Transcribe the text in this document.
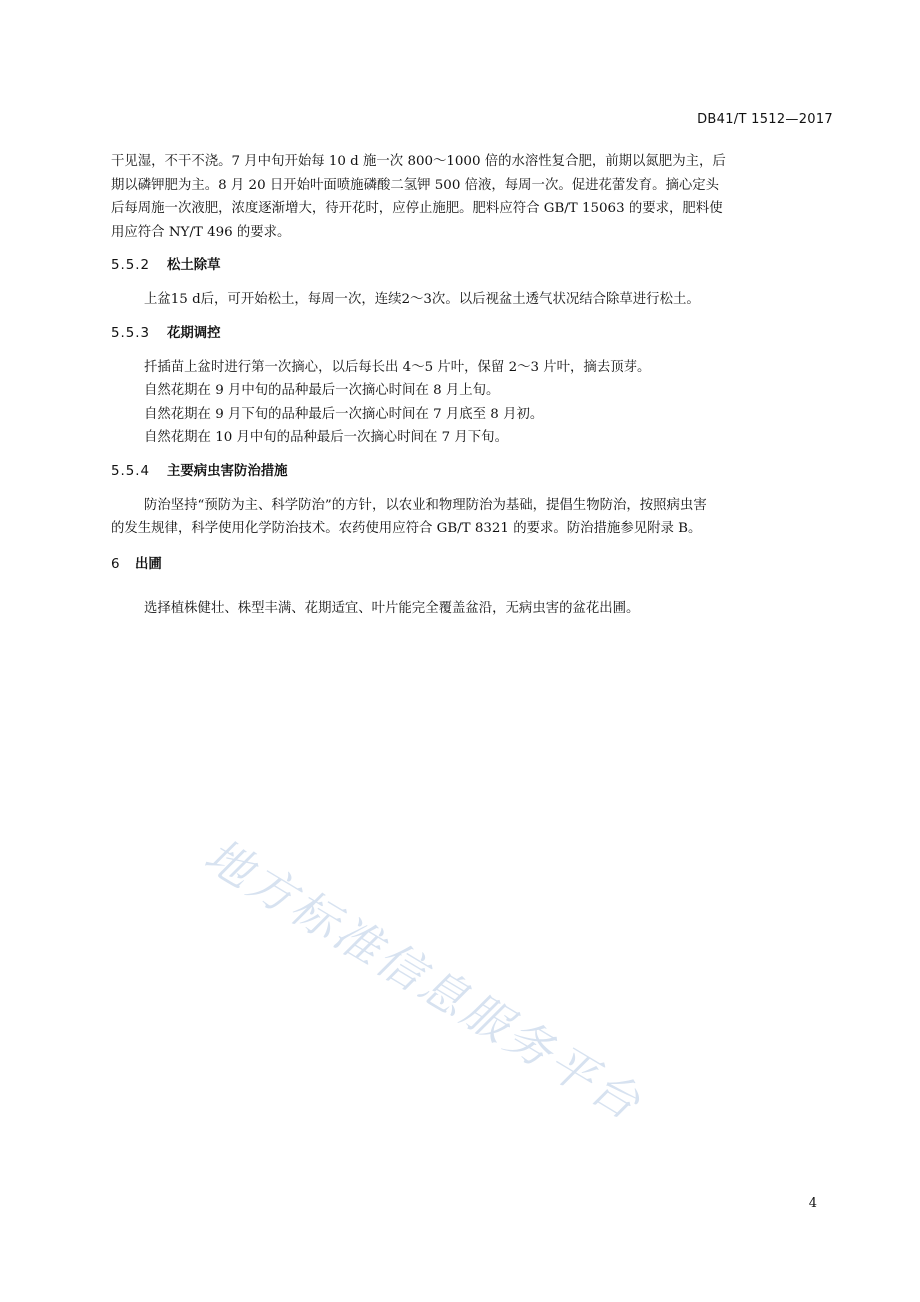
DB41/T 1512—2017

干见湿，不干不浇。7 月中旬开始每 10 d 施一次 800～1000 倍的水溶性复合肥，前期以氮肥为主，后
期以磷钾肥为主。8 月 20 日开始叶面喷施磷酸二氢钾 500 倍液，每周一次。促进花蕾发育。摘心定头
后每周施一次液肥，浓度逐渐增大，待开花时，应停止施肥。肥料应符合 GB/T 15063 的要求，肥料使
用应符合 NY/T 496 的要求。

5.5.2 松土除草

上盆15 d后，可开始松土，每周一次，连续2～3次。以后视盆土透气状况结合除草进行松土。

5.5.3 花期调控

扦插苗上盆时进行第一次摘心，以后每长出 4～5 片叶，保留 2～3 片叶，摘去顶芽。
自然花期在 9 月中旬的品种最后一次摘心时间在 8 月上旬。
自然花期在 9 月下旬的品种最后一次摘心时间在 7 月底至 8 月初。
自然花期在 10 月中旬的品种最后一次摘心时间在 7 月下旬。

5.5.4 主要病虫害防治措施

防治坚持“预防为主、科学防治”的方针，以农业和物理防治为基础，提倡生物防治，按照病虫害
的发生规律，科学使用化学防治技术。农药使用应符合 GB/T 8321 的要求。防治措施参见附录 B。

6 出圃

选择植株健壮、株型丰满、花期适宜、叶片能完全覆盖盆沿，无病虫害的盆花出圃。

地方标准信息服务平台
4
